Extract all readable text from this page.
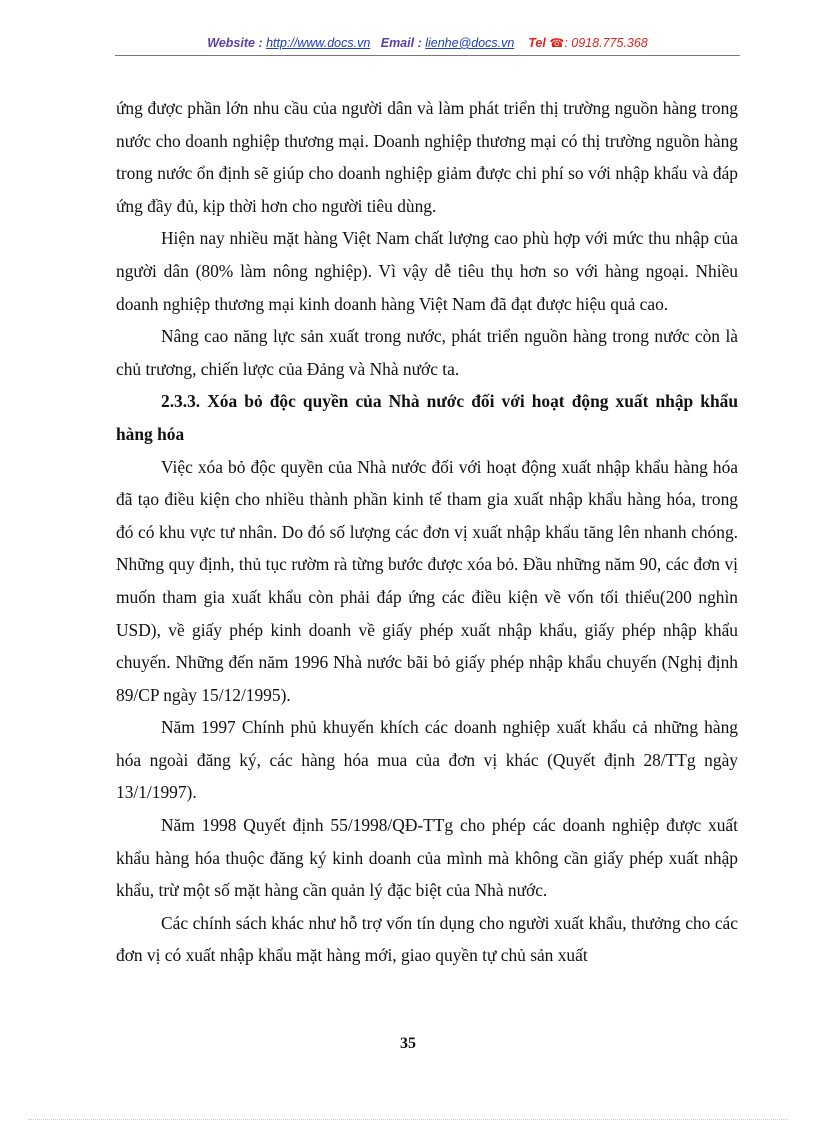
Website : http://www.docs.vn Email : lienhe@docs.vn Tel ☎: 0918.775.368

ứng được phần lớn nhu cầu của người dân và làm phát triển thị trường nguồn hàng trong nước cho doanh nghiệp thương mại. Doanh nghiệp thương mại có thị trường nguồn hàng trong nước ổn định sẽ giúp cho doanh nghiệp giảm được chi phí so với nhập khẩu và đáp ứng đầy đủ, kịp thời hơn cho người tiêu dùng.

Hiện nay nhiều mặt hàng Việt Nam chất lượng cao phù hợp với mức thu nhập của người dân (80% làm nông nghiệp). Vì vậy dễ tiêu thụ hơn so với hàng ngoại. Nhiều doanh nghiệp thương mại kinh doanh hàng Việt Nam đã đạt được hiệu quả cao.

Nâng cao năng lực sản xuất trong nước, phát triển nguồn hàng trong nước còn là chủ trương, chiến lược của Đảng và Nhà nước ta.

2.3.3. Xóa bỏ độc quyền của Nhà nước đối với hoạt động xuất nhập khẩu hàng hóa

Việc xóa bỏ độc quyền của Nhà nước đối với hoạt động xuất nhập khẩu hàng hóa đã tạo điều kiện cho nhiều thành phần kinh tế tham gia xuất nhập khẩu hàng hóa, trong đó có khu vực tư nhân. Do đó số lượng các đơn vị xuất nhập khẩu tăng lên nhanh chóng. Những quy định, thủ tục rườm rà từng bước được xóa bỏ. Đầu những năm 90, các đơn vị muốn tham gia xuất khẩu còn phải đáp ứng các điều kiện về vốn tối thiểu(200 nghìn USD), về giấy phép kinh doanh về giấy phép xuất nhập khẩu, giấy phép nhập khẩu chuyến. Những đến năm 1996 Nhà nước bãi bỏ giấy phép nhập khẩu chuyến (Nghị định 89/CP ngày 15/12/1995).

Năm 1997 Chính phủ khuyến khích các doanh nghiệp xuất khẩu cả những hàng hóa ngoài đăng ký, các hàng hóa mua của đơn vị khác (Quyết định 28/TTg ngày 13/1/1997).

Năm 1998 Quyết định 55/1998/QĐ-TTg cho phép các doanh nghiệp được xuất khẩu hàng hóa thuộc đăng ký kinh doanh của mình mà không cần giấy phép xuất nhập khẩu, trừ một số mặt hàng cần quản lý đặc biệt của Nhà nước.

Các chính sách khác như hỗ trợ vốn tín dụng cho người xuất khẩu, thưởng cho các đơn vị có xuất nhập khẩu mặt hàng mới, giao quyền tự chủ sản xuất

35
